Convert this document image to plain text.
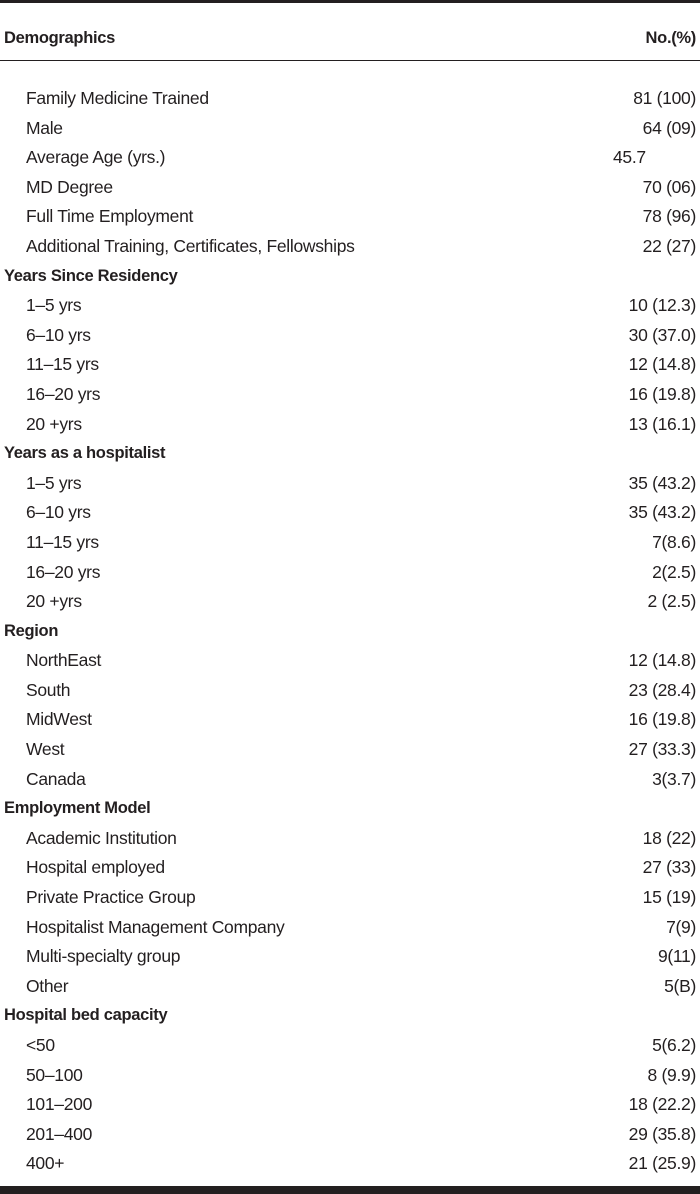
Demographics	No.(%)
Family Medicine Trained	81 (100)
Male	64 (09)
Average Age (yrs.)	45.7
MD Degree	70 (06)
Full Time Employment	78 (96)
Additional Training, Certificates, Fellowships	22 (27)
Years Since Residency
1–5 yrs	10 (12.3)
6–10 yrs	30 (37.0)
11–15 yrs	12 (14.8)
16–20 yrs	16 (19.8)
20 +yrs	13 (16.1)
Years as a hospitalist
1–5 yrs	35 (43.2)
6–10 yrs	35 (43.2)
11–15 yrs	7(8.6)
16–20 yrs	2(2.5)
20 +yrs	2 (2.5)
Region
NorthEast	12 (14.8)
South	23 (28.4)
MidWest	16 (19.8)
West	27 (33.3)
Canada	3(3.7)
Employment Model
Academic Institution	18 (22)
Hospital employed	27 (33)
Private Practice Group	15 (19)
Hospitalist Management Company	7(9)
Multi-specialty group	9(11)
Other	5(B)
Hospital bed capacity
<50	5(6.2)
50–100	8 (9.9)
101–200	18 (22.2)
201–400	29 (35.8)
400+	21 (25.9)
